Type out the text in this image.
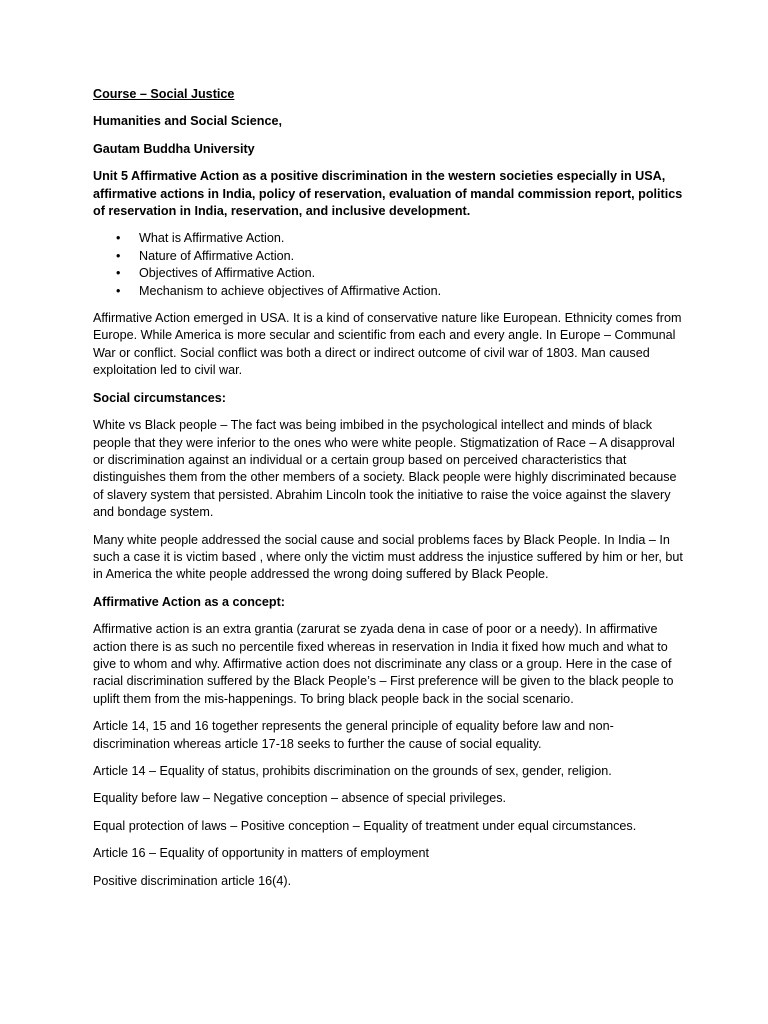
Course – Social Justice

Humanities and Social Science,

Gautam Buddha University

Unit 5 Affirmative Action as a positive discrimination in the western societies especially in USA, affirmative actions in India, policy of reservation, evaluation of mandal commission report, politics of reservation in India, reservation, and inclusive development.

• What is Affirmative Action.
• Nature of Affirmative Action.
• Objectives of Affirmative Action.
• Mechanism to achieve objectives of Affirmative Action.

Affirmative Action emerged in USA. It is a kind of conservative nature like European. Ethnicity comes from Europe. While America is more secular and scientific from each and every angle. In Europe – Communal War or conflict. Social conflict was both a direct or indirect outcome of civil war of 1803. Man caused exploitation led to civil war.

Social circumstances:

White vs Black people – The fact was being imbibed in the psychological intellect and minds of black people that they were inferior to the ones who were white people. Stigmatization of Race – A disapproval or discrimination against an individual or a certain group based on perceived characteristics that distinguishes them from the other members of a society. Black people were highly discriminated because of slavery system that persisted. Abrahim Lincoln took the initiative to raise the voice against the slavery and bondage system.

Many white people addressed the social cause and social problems faces by Black People. In India – In such a case it is victim based , where only the victim must address the injustice suffered by him or her, but in America the white people addressed the wrong doing suffered by Black People.

Affirmative Action as a concept:

Affirmative action is an extra grantia (zarurat se zyada dena in case of poor or a needy). In affirmative action there is as such no percentile fixed whereas in reservation in India it fixed how much and what to give to whom and why. Affirmative action does not discriminate any class or a group. Here in the case of racial discrimination suffered by the Black People’s – First preference will be given to the black people to uplift them from the mis-happenings. To bring black people back in the social scenario.

Article 14, 15 and 16 together represents the general principle of equality before law and non-discrimination whereas article 17-18 seeks to further the cause of social equality.

Article 14 – Equality of status, prohibits discrimination on the grounds of sex, gender, religion.

Equality before law – Negative conception – absence of special privileges.

Equal protection of laws – Positive conception – Equality of treatment under equal circumstances.

Article 16 – Equality of opportunity in matters of employment

Positive discrimination article 16(4).
